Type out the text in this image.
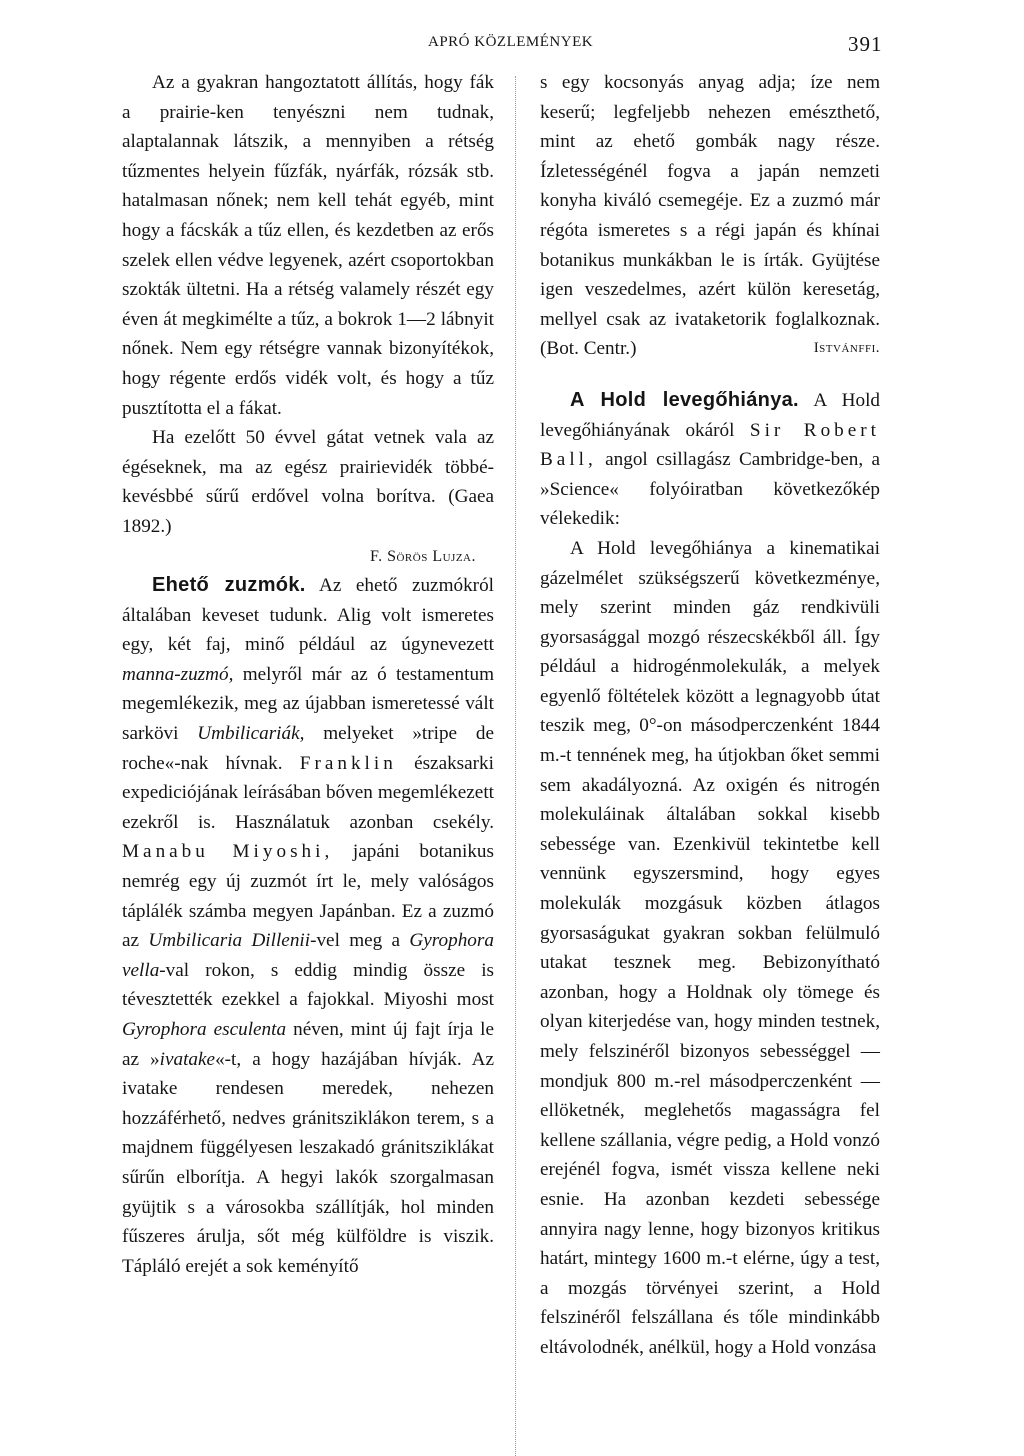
APRÓ KÖZLEMÉNYEK	391

Az a gyakran hangoztatott állítás, hogy fák a prairie-ken tenyészni nem tudnak, alaptalannak látszik, a mennyiben a rétség tűzmentes helyein fűzfák, nyárfák, rózsák stb. hatalmasan nőnek; nem kell tehát egyéb, mint hogy a fácskák a tűz ellen, és kezdetben az erős szelek ellen védve legyenek, azért csoportokban szokták ültetni. Ha a rétség valamely részét egy éven át megkimélte a tűz, a bokrok 1—2 lábnyit nőnek. Nem egy rétségre vannak bizonyítékok, hogy régente erdős vidék volt, és hogy a tűz pusztította el a fákat.

Ha ezelőtt 50 évvel gátat vetnek vala az égéseknek, ma az egész prairievidék többé-kevésbbé sűrű erdővel volna borítva. (Gaea 1892.)

F. Sörös Lujza.

Ehető zuzmók. Az ehető zuzmókról általában keveset tudunk. Alig volt ismeretes egy, két faj, minő például az úgynevezett manna-zuzmó, melyről már az ó testamentum megemlékezik, meg az újabban ismeretessé vált sarkövi Umbilicariák, melyeket »tripe de roche«-nak hívnak. Franklin északsarki expediciójának leírásában bőven megemlékezett ezekről is. Használatuk azonban csekély. Manabu Miyoshi, japáni botanikus nemrég egy új zuzmót írt le, mely valóságos táplálék számba megyen Japánban. Ez a zuzmó az Umbilicaria Dillenii-vel meg a Gyrophora vella-val rokon, s eddig mindig össze is tévesztették ezekkel a fajokkal. Miyoshi most Gyrophora esculenta néven, mint új fajt írja le az »ivatake«-t, a hogy hazájában hívják. Az ivatake rendesen meredek, nehezen hozzáférhető, nedves gránitsziklákon terem, s a majdnem függélyesen leszakadó gránitsziklákat sűrűn elborítja. A hegyi lakók szorgalmasan gyüjtik s a városokba szállítják, hol minden fűszeres árulja, sőt még külföldre is viszik. Tápláló erejét a sok keményítő

s egy kocsonyás anyag adja; íze nem keserű; legfeljebb nehezen emészthető, mint az ehető gombák nagy része. Ízletességénél fogva a japán nemzeti konyha kiváló csemegéje. Ez a zuzmó már régóta ismeretes s a régi japán és khínai botanikus munkákban le is írták. Gyüjtése igen veszedelmes, azért külön keresetág, mellyel csak az ivataketorik foglalkoznak. (Bot. Centr.)	Istvánffi.

A Hold levegőhiánya. A Hold levegőhiányának okáról Sir Robert Ball, angol csillagász Cambridge-ben, a »Science« folyóiratban következőkép vélekedik:

A Hold levegőhiánya a kinematikai gázelmélet szükségszerű következménye, mely szerint minden gáz rendkivüli gyorsasággal mozgó részecskékből áll. Így például a hidrogénmolekulák, a melyek egyenlő föltételek között a legnagyobb útat teszik meg, 0°-on másodperczenként 1844 m.-t tennének meg, ha útjokban őket semmi sem akadályozná. Az oxigén és nitrogén molekuláinak általában sokkal kisebb sebessége van. Ezenkivül tekintetbe kell vennünk egyszersmind, hogy egyes molekulák mozgásuk közben átlagos gyorsaságukat gyakran sokban felülmuló utakat tesznek meg. Bebizonyítható azonban, hogy a Holdnak oly tömege és olyan kiterjedése van, hogy minden testnek, mely felszinéről bizonyos sebességgel — mondjuk 800 m.-rel másodperczenként — ellöketnék, meglehetős magasságra fel kellene szállania, végre pedig, a Hold vonzó erejénél fogva, ismét vissza kellene neki esnie. Ha azonban kezdeti sebessége annyira nagy lenne, hogy bizonyos kritikus határt, mintegy 1600 m.-t elérne, úgy a test, a mozgás törvényei szerint, a Hold felszinéről felszállana és tőle mindinkább eltávolodnék, anélkül, hogy a Hold vonzása
